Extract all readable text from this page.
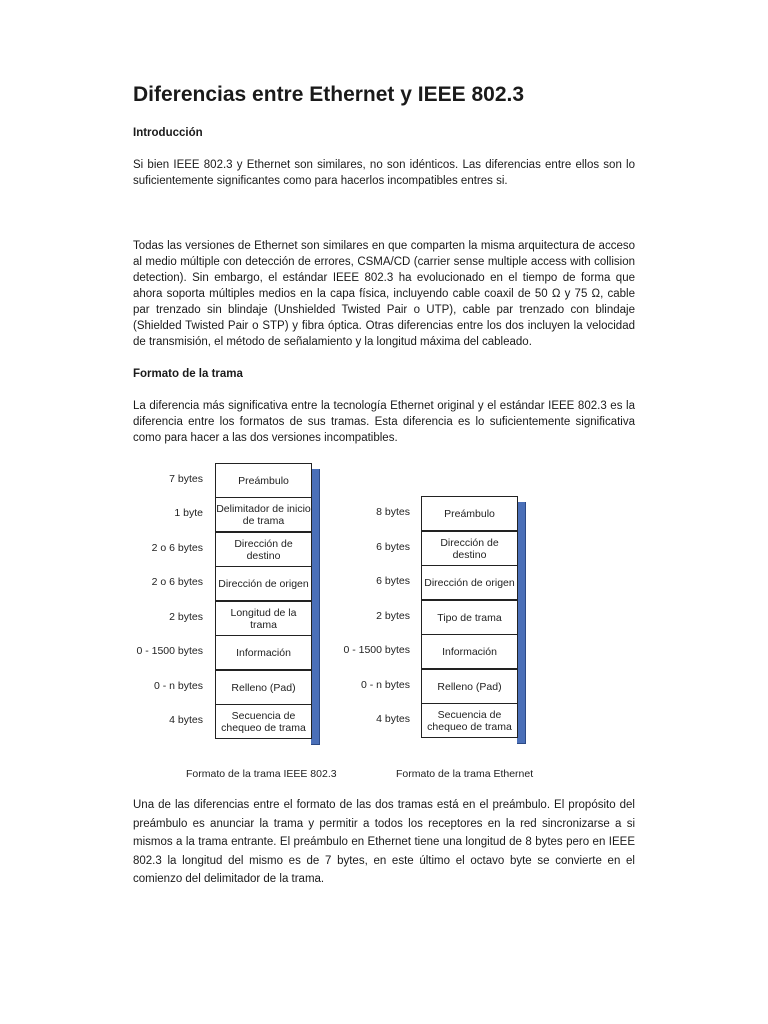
Diferencias entre Ethernet y IEEE 802.3
Introducción

Si bien IEEE 802.3 y Ethernet son similares, no son idénticos. Las diferencias entre ellos son lo suficientemente significantes como para hacerlos incompatibles entres si.

Todas las versiones de Ethernet son similares en que comparten la misma arquitectura de acceso al medio múltiple con detección de errores, CSMA/CD (carrier sense multiple access with collision detection). Sin embargo, el estándar IEEE 802.3 ha evolucionado en el tiempo de forma que ahora soporta múltiples medios en la capa física, incluyendo cable coaxil de 50 Ω y 75 Ω, cable par trenzado sin blindaje (Unshielded Twisted Pair o UTP), cable par trenzado con blindaje (Shielded Twisted Pair o STP) y fibra óptica. Otras diferencias entre los dos incluyen la velocidad de transmisión, el método de señalamiento y la longitud máxima del cableado.

Formato de la trama

La diferencia más significativa entre la tecnología Ethernet original y el estándar IEEE 802.3 es la diferencia entre los formatos de sus tramas. Esta diferencia es lo suficientemente significativa como para hacer a las dos versiones incompatibles.

Preámbulo
Delimitador de inicio de trama
Dirección de destino
Dirección de origen
Longitud de la trama
Información
Relleno (Pad)
Secuencia de chequeo de trama
7 bytes
1 byte
2 o 6 bytes
2 o 6 bytes
2 bytes
0 - 1500 bytes
0 - n bytes
4 bytes
Formato de la trama IEEE 802.3
Preámbulo
Dirección de destino
Dirección de origen
Tipo de trama
Información
Relleno (Pad)
Secuencia de chequeo de trama
8 bytes
6 bytes
6 bytes
2 bytes
0 - 1500 bytes
0 - n bytes
4 bytes
Formato de la trama Ethernet

Una de las diferencias entre el formato de las dos tramas está en el preámbulo. El propósito del preámbulo es anunciar la trama y permitir a todos los receptores en la red sincronizarse a si mismos a la trama entrante. El preámbulo en Ethernet tiene una longitud de 8 bytes pero en IEEE 802.3 la longitud del mismo es de 7 bytes, en este último el octavo byte se convierte en el comienzo del delimitador de la trama.
